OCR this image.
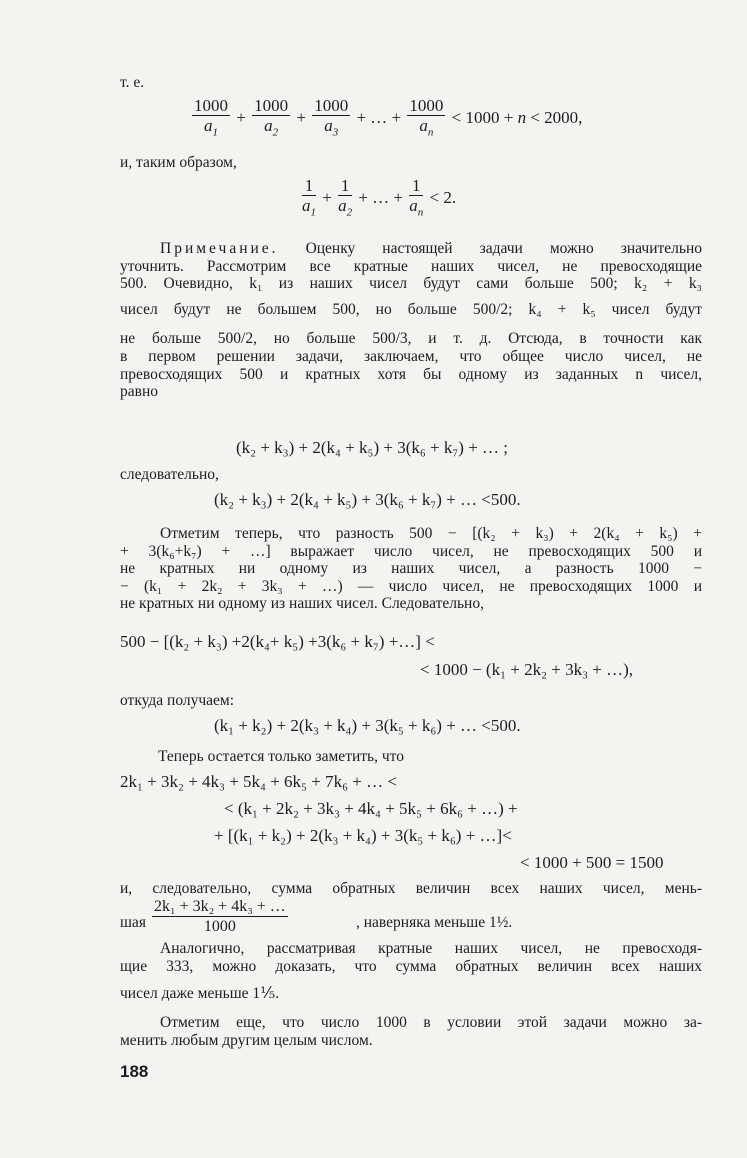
т. е.
$\frac{1000}{a_1} + \frac{1000}{a_2} + \frac{1000}{a_3}$ + … + $\frac{1000}{a_n} < 1000 + n < 2000$,
и, таким образом,
$\frac{1}{a_1} + \frac{1}{a_2}$ + … + $\frac{1}{a_n} < 2$.
Примечание. Оценку настоящей задачи можно значительно
уточнить. Рассмотрим все кратные наших чисел, не превосходящие
500. Очевидно, k₁ из наших чисел будут сами больше 500; k₂ + k₃
чисел будут не большем 500, но больше 500/2; k₄ + k₅ чисел будут
не больше 500/2, но больше 500/3, и т. д. Отсюда, в точности как
в первом решении задачи, заключаем, что общее число чисел, не
превосходящих 500 и кратных хотя бы одному из заданных n чисел,
равно
(k₂ + k₃) + 2(k₄ + k₅) + 3(k₆ + k₇) + … ;
следовательно,
(k₂ + k₃) + 2(k₄ + k₅) + 3(k₆ + k₇) + … <500.
Отметим теперь, что разность 500 − [(k₂ + k₃) + 2(k₄ + k₅) +
+ 3(k₆+k₇) + …] выражает число чисел, не превосходящих 500 и
не кратных ни одному из наших чисел, а разность 1000 −
− (k₁ + 2k₂ + 3k₃ + …) — число чисел, не превосходящих 1000 и
не кратных ни одному из наших чисел. Следовательно,
500 − [(k₂ + k₃) +2(k₄+ k₅) +3(k₆ + k₇) +…] <
< 1000 − (k₁ + 2k₂ + 3k₃ + …),
откуда получаем:
(k₁ + k₂) + 2(k₃ + k₄) + 3(k₅ + k₆) + … <500.
Теперь остается только заметить, что
2k₁ + 3k₂ + 4k₃ + 5k₄ + 6k₅ + 7k₆ + … <
< (k₁ + 2k₂ + 3k₃ + 4k₄ + 5k₅ + 6k₆ + …) +
+ [(k₁ + k₂) + 2(k₃ + k₄) + 3(k₅ + k₆) + …]<
< 1000 + 500 = 1500
и, следовательно, сумма обратных величин всех наших чисел, мень-
шая $\frac{\text{2k₁ + 3k₂ + 4k₃ + …}}{1000}$	, наверняка меньше 1½.
Аналогично, рассматривая кратные наших чисел, не превосходя-
щие 333, можно доказать, что сумма обратных величин всех наших
чисел даже меньше 1⅕.
Отметим еще, что число 1000 в условии этой задачи можно за-
менить любым другим целым числом.
188
